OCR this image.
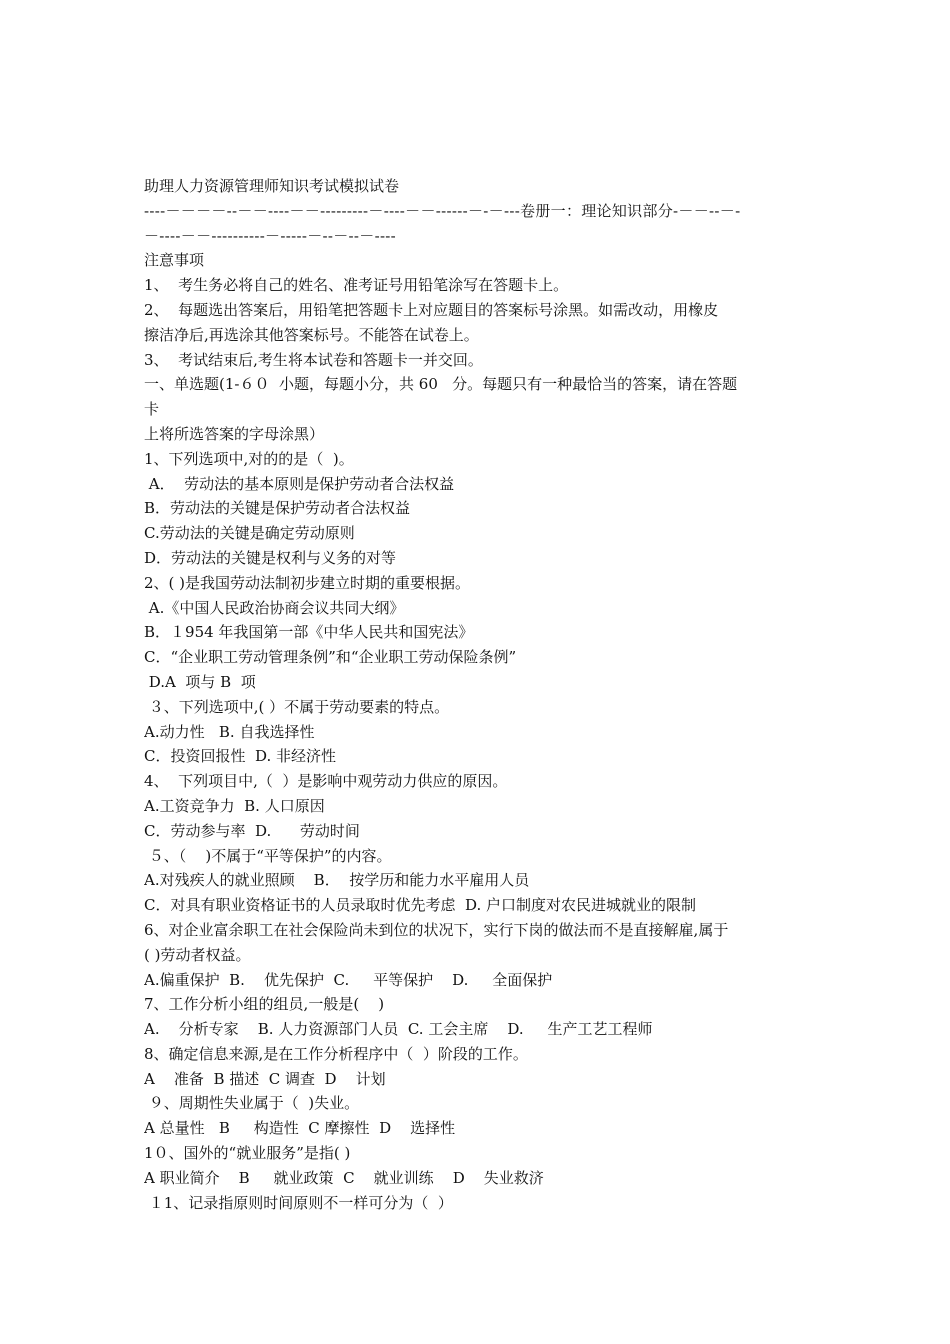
助理人力资源管理师知识考试模拟试卷
----－－－－--－－----－－---------－----－－------－-－---卷册一：理论知识部分-－－--－-
－----－－----------－-----－--－--－----
注意事项
1、  考生务必将自己的姓名、准考证号用铅笔涂写在答题卡上。
2、  每题选出答案后，用铅笔把答题卡上对应题目的答案标号涂黑。如需改动，用橡皮
擦洁净后,再选涂其他答案标号。不能答在试卷上。
3、  考试结束后,考生将本试卷和答题卡一并交回。
一、单选题(1-６０  小题，每题小分，共 60   分。每题只有一种最恰当的答案，请在答题
卡
上将所选答案的字母涂黑）
1、下列选项中,对的的是（  )。
A．  劳动法的基本原则是保护劳动者合法权益
B．劳动法的关键是保护劳动者合法权益
C.劳动法的关键是确定劳动原则
D．劳动法的关键是权利与义务的对等
2、( )是我国劳动法制初步建立时期的重要根据。
A.《中国人民政治协商会议共同大纲》
B．１954 年我国第一部《中华人民共和国宪法》
C．“企业职工劳动管理条例”和“企业职工劳动保险条例”
D.A  项与 B  项
３、下列选项中,( ）不属于劳动要素的特点。
A.动力性   B. 自我选择性
C．投资回报性  D. 非经济性
4、  下列项目中,（  ）是影响中观劳动力供应的原因。
A.工资竞争力  B. 人口原因
C．劳动参与率  D.      劳动时间
５、（    )不属于“平等保护”的内容。
A.对残疾人的就业照顾    B．  按学历和能力水平雇用人员
C．对具有职业资格证书的人员录取时优先考虑  D. 户口制度对农民进城就业的限制
6、对企业富余职工在社会保险尚未到位的状况下，实行下岗的做法而不是直接解雇,属于
( )劳动者权益。
A.偏重保护  B.    优先保护  C.     平等保护    D.     全面保护
7、工作分析小组的组员,一般是(    )
A.    分析专家    B. 人力资源部门人员  C. 工会主席    D.     生产工艺工程师
8、确定信息来源,是在工作分析程序中（  ）阶段的工作。
A    准备  B 描述  C 调查  D    计划
９、周期性失业属于（  )失业。
A 总量性   B     构造性  C 摩擦性  D    选择性
1０、国外的“就业服务”是指( )
A 职业简介    B     就业政策  C    就业训练    D    失业救济
１1、记录指原则时间原则不一样可分为（  ）
